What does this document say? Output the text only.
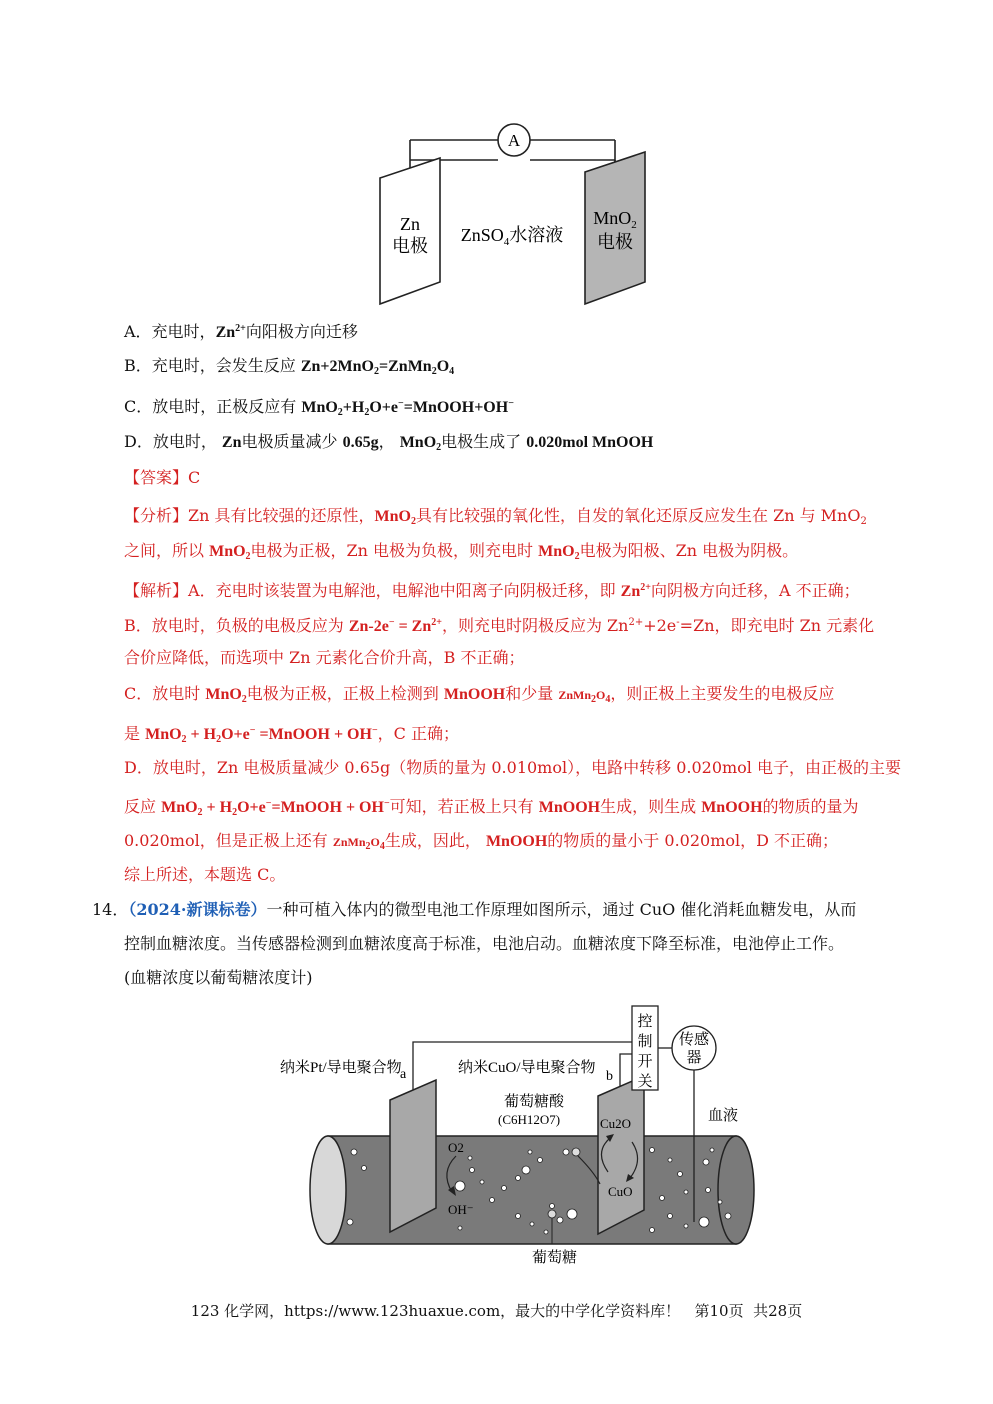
A
Zn
电极
ZnSO$_4$水溶液
MnO$_2$
电极
A．充电时，$Zn^{2+}$向阳极方向迁移
B．充电时，会发生反应 $Zn+2MnO_2=ZnMn_2O_4$
C．放电时，正极反应有 $MnO_2+H_2O+e^-=MnOOH+OH^-$
D．放电时， Zn电极质量减少 0.65g， MnO$_2$电极生成了 0.020mol MnOOH
【答案】C
【分析】Zn 具有比较强的还原性，MnO$_2$具有比较强的氧化性，自发的氧化还原反应发生在 Zn 与 MnO$_2$
之间，所以 MnO$_2$电极为正极，Zn 电极为负极，则充电时 MnO$_2$电极为阳极、Zn 电极为阴极。
【解析】A．充电时该装置为电解池，电解池中阳离子向阴极迁移，即 $Zn^{2+}$向阴极方向迁移，A 不正确；
B．放电时，负极的电极反应为 $Zn-2e^- = Zn^{2+}$，则充电时阴极反应为 $Zn^{2+}+2e^-=Zn$，即充电时 Zn 元素化
合价应降低，而选项中 Zn 元素化合价升高，B 不正确；
C．放电时 MnO$_2$电极为正极，正极上检测到 MnOOH和少量 $ZnMn_2O_4$，则正极上主要发生的电极反应
是 $MnO_2 + H_2O+e^-$ =MnOOH + OH−，C 正确；
D．放电时，Zn 电极质量减少 0.65g（物质的量为 0.010mol），电路中转移 0.020mol 电子，由正极的主要
反应 $MnO_2 + H_2O+e^-=MnOOH + OH^-$可知，若正极上只有 MnOOH生成，则生成 MnOOH的物质的量为
0.020mol，但是正极上还有 $ZnMn_2O_4$生成，因此， MnOOH的物质的量小于 0.020mol，D 不正确；
综上所述，本题选 C。
14．（2024·新课标卷）一种可植入体内的微型电池工作原理如图所示，通过 CuO 催化消耗血糖发电，从而
控制血糖浓度。当传感器检测到血糖浓度高于标准，电池启动。血糖浓度下降至标准，电池停止工作。
(血糖浓度以葡萄糖浓度计)
纳米Pt/导电聚合物
a	纳米CuO/导电聚合物
b
控
制
开
关
传感
器
血液
葡萄糖酸
(C6H12O7)
O2
OH⁻
Cu2O
CuO
葡萄糖
123 化学网，https://www.123huaxue.com，最大的中学化学资料库！   第10页  共28页
